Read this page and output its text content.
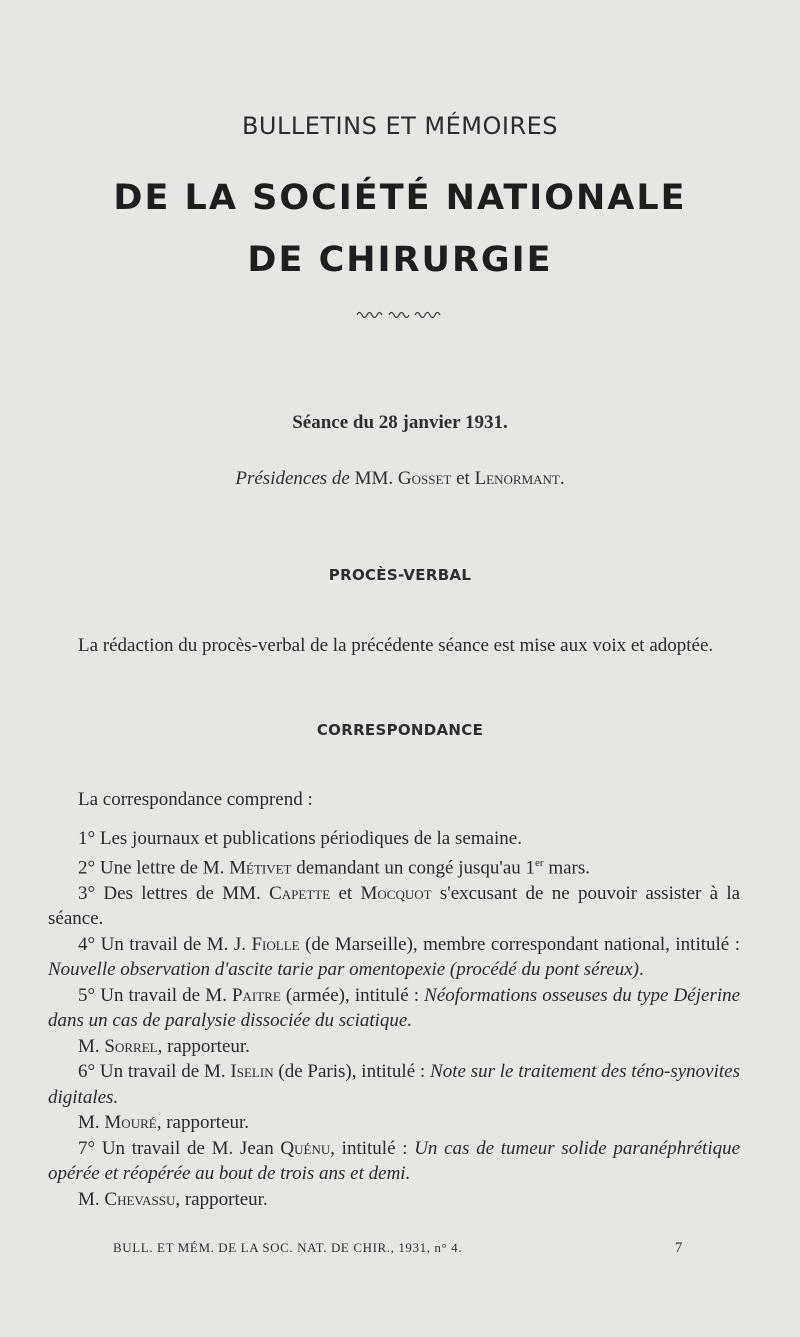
BULLETINS ET MÉMOIRES
DE LA SOCIÉTÉ NATIONALE
DE CHIRURGIE
Séance du 28 janvier 1931.
Présidences de MM. Gosset et Lenormant.
PROCÈS-VERBAL

La rédaction du procès-verbal de la précédente séance est mise aux voix et adoptée.

CORRESPONDANCE

La correspondance comprend :

1° Les journaux et publications périodiques de la semaine.

2° Une lettre de M. Métivet demandant un congé jusqu'au 1er mars.

3° Des lettres de MM. Capette et Mocquot s'excusant de ne pouvoir assister à la séance.

4° Un travail de M. J. Fiolle (de Marseille), membre correspondant national, intitulé : Nouvelle observation d'ascite tarie par omentopexie (procédé du pont séreux).

5° Un travail de M. Paitre (armée), intitulé : Néoformations osseuses du type Déjerine dans un cas de paralysie dissociée du sciatique.

M. Sorrel, rapporteur.

6° Un travail de M. Iselin (de Paris), intitulé : Note sur le traitement des téno-synovites digitales.

M. Mouré, rapporteur.

7° Un travail de M. Jean Quénu, intitulé : Un cas de tumeur solide paranéphrétique opérée et réopérée au bout de trois ans et demi.

M. Chevassu, rapporteur.

BULL. ET MÉM. DE LA SOC. NAT. DE CHIR., 1931, n° 4.	7
